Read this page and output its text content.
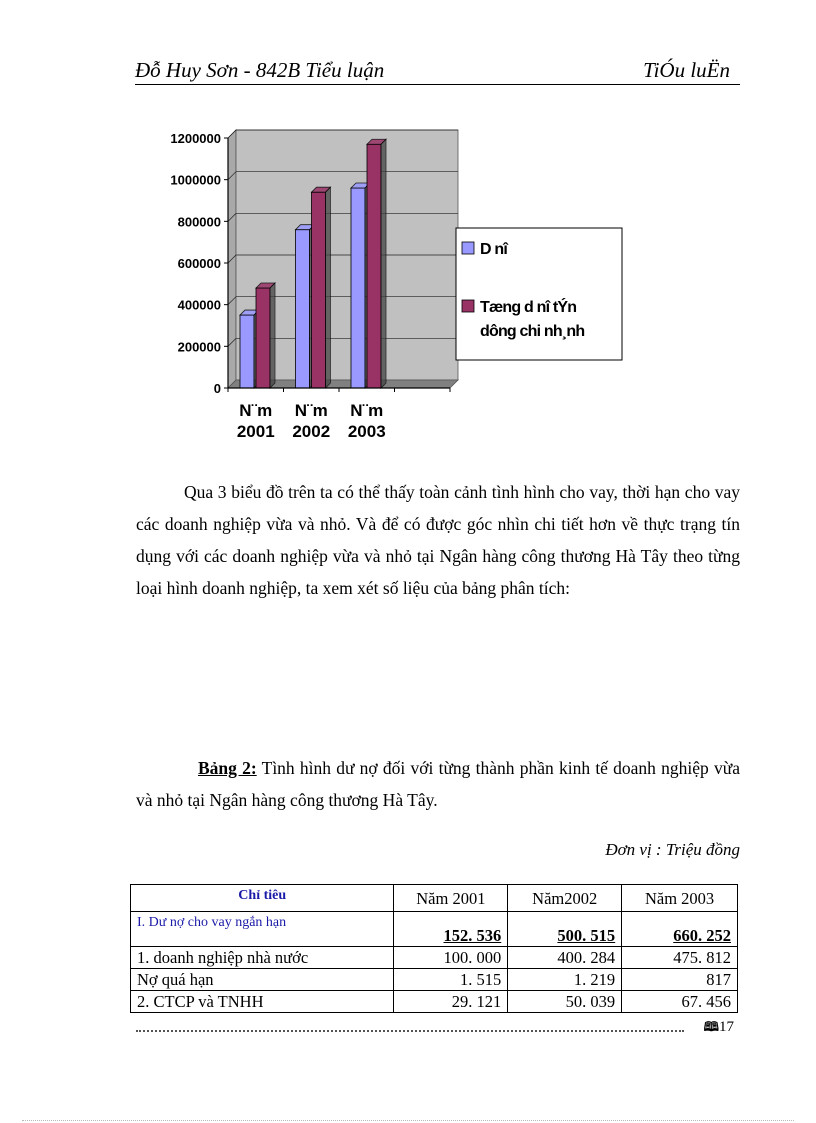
Đỗ Huy Sơn - 842B Tiểu luận	TiÓu luËn
0
200000
400000
600000
800000
1000000
1200000
N¨m 2001
N¨m 2002
N¨m 2003
D nî
Tæng d nî tÝn dông chi nh¸nh
Qua 3 biểu đồ trên ta có thể thấy toàn cảnh tình hình cho vay, thời hạn cho vay các doanh nghiệp vừa và nhỏ. Và để có được góc nhìn chi tiết hơn về thực trạng tín dụng với các doanh nghiệp vừa và nhỏ tại Ngân hàng công thương Hà Tây theo từng loại hình doanh nghiệp, ta xem xét số liệu của bảng phân tích:
Bảng 2: Tình hình dư nợ đối với từng thành phần kinh tế doanh nghiệp vừa và nhỏ tại Ngân hàng công thương Hà Tây.
Đơn vị : Triệu đồng
Chỉ tiêu	Năm 2001	Năm2002	Năm 2003
I. Dư nợ cho vay ngắn hạn	152. 536	500. 515	660. 252
1. doanh nghiệp nhà nước	100. 000	400. 284	475. 812
Nợ quá hạn	1. 515	1. 219	817
2. CTCP và TNHH	29. 121	50. 039	67. 456
🕮17
